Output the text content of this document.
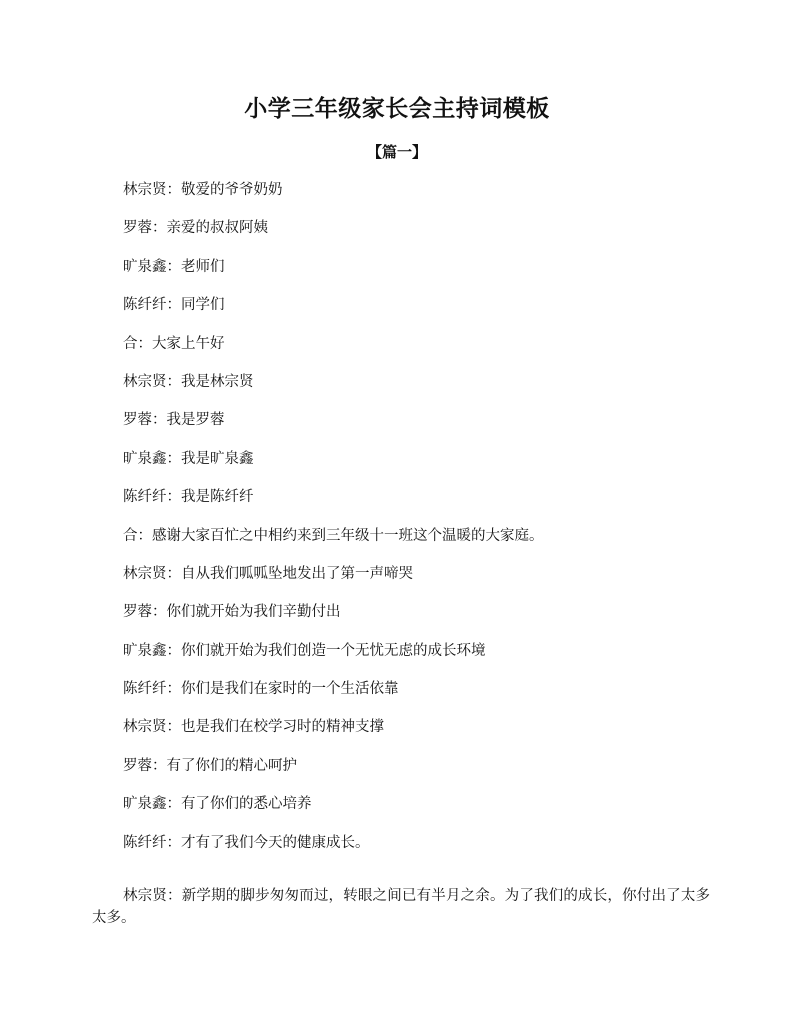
小学三年级家长会主持词模板
【篇一】
林宗贤：敬爱的爷爷奶奶
罗蓉：亲爱的叔叔阿姨
旷泉鑫：老师们
陈纤纤：同学们
合：大家上午好
林宗贤：我是林宗贤
罗蓉：我是罗蓉
旷泉鑫：我是旷泉鑫
陈纤纤：我是陈纤纤
合：感谢大家百忙之中相约来到三年级十一班这个温暖的大家庭。
林宗贤：自从我们呱呱坠地发出了第一声啼哭
罗蓉：你们就开始为我们辛勤付出
旷泉鑫：你们就开始为我们创造一个无忧无虑的成长环境
陈纤纤：你们是我们在家时的一个生活依靠
林宗贤：也是我们在校学习时的精神支撑
罗蓉：有了你们的精心呵护
旷泉鑫：有了你们的悉心培养
陈纤纤：才有了我们今天的健康成长。

林宗贤：新学期的脚步匆匆而过，转眼之间已有半月之余。为了我们的成长，你付出了太多太多。
